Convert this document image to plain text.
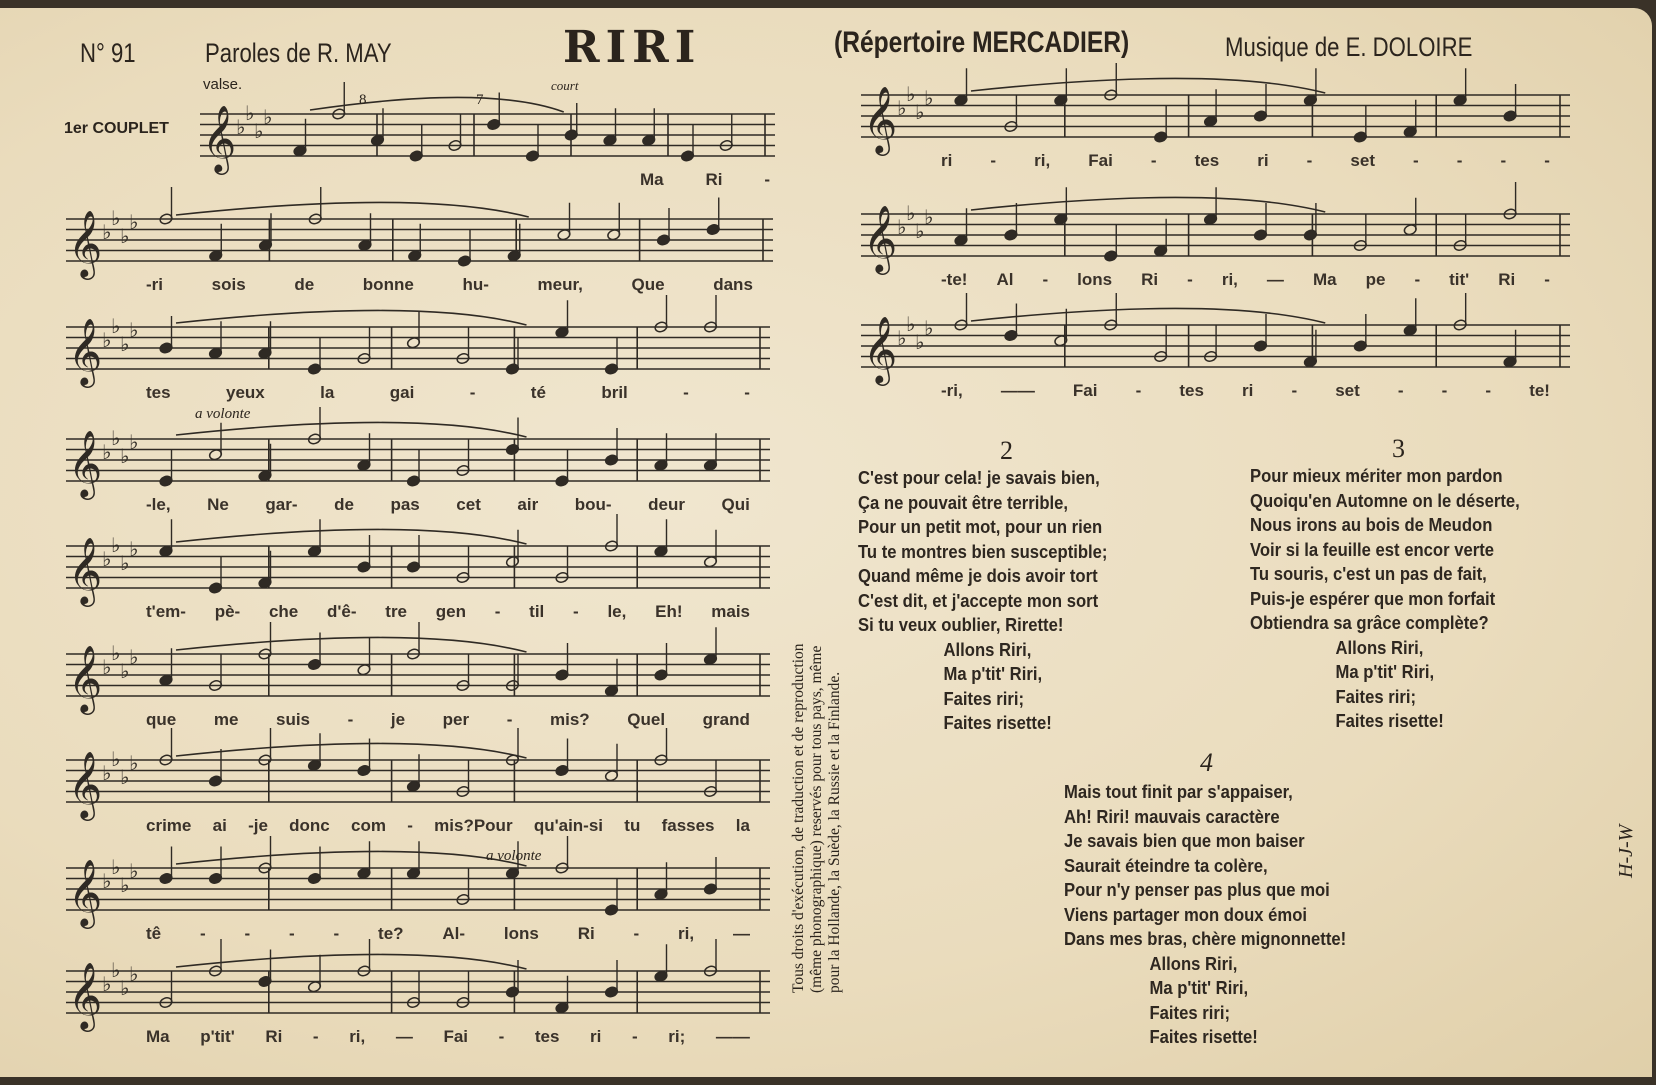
𝄞 ♭
♭
♭
♭
𝄞 ♭
♭
♭
♭
𝄞 ♭
♭
♭
♭
𝄞 ♭
♭
♭
♭
𝄞 ♭
♭
♭
♭
𝄞 ♭
♭
♭
♭
𝄞 ♭
♭
♭
♭
𝄞 ♭
♭
♭
♭
𝄞 ♭
♭
♭
♭
𝄞 ♭
♭
♭
♭
𝄞 ♭
♭
♭
♭
𝄞 ♭
♭
♭
♭
N° 91	Paroles de R. MAY	RIRI	(Répertoire MERCADIER)	Musique de E. DOLOIRE
valse.
1er COUPLET
8	7
court
a volonte
a volonte
Ma Ri -
-ri	sois	de	bonne	hu-	meur,	Que	dans
tes	yeux	la	gai	-	té	bril	-	-
-le, Ne gar- de pas cet air bou- deur Qui
t'em- pè- che d'ê- tre gen - til - le, Eh! mais
que me suis - je per - mis? Quel grand
crime ai -je donc com - mis?Pour qu'ain-si tu fasses la
tê - - - - te? Al- lons Ri - ri, —
Ma p'tit' Ri - ri, — Fai - tes ri - ri; ——
ri - ri, Fai - tes ri - set - - - -
-te! Al - lons Ri - ri, — Ma pe - tit' Ri -
-ri, —— Fai - tes ri - set - - - te!
2
C'est pour cela! je savais bien,
Ça ne pouvait être terrible,
Pour un petit mot, pour un rien
Tu te montres bien susceptible;
Quand même je dois avoir tort
C'est dit, et j'accepte mon sort
Si tu veux oublier, Rirette!
Allons Riri,
Ma p'tit' Riri,
Faites riri;
Faites risette!
3
Pour mieux mériter mon pardon
Quoiqu'en Automne on le déserte,
Nous irons au bois de Meudon
Voir si la feuille est encor verte
Tu souris, c'est un pas de fait,
Puis-je espérer que mon forfait
Obtiendra sa grâce complète?
Allons Riri,
Ma p'tit' Riri,
Faites riri;
Faites risette!
4
Mais tout finit par s'appaiser,
Ah! Riri! mauvais caractère
Je savais bien que mon baiser
Saurait éteindre ta colère,
Pour n'y penser pas plus que moi
Viens partager mon doux émoi
Dans mes bras, chère mignonnette!
Allons Riri,
Ma p'tit' Riri,
Faites riri;
Faites risette!
Tous droits d'exécution, de traduction et de reproduction (même phonographique) reservés pour tous pays, même pour la Hollande, la Suède, la Russie et la Finlande.	H-J-W
